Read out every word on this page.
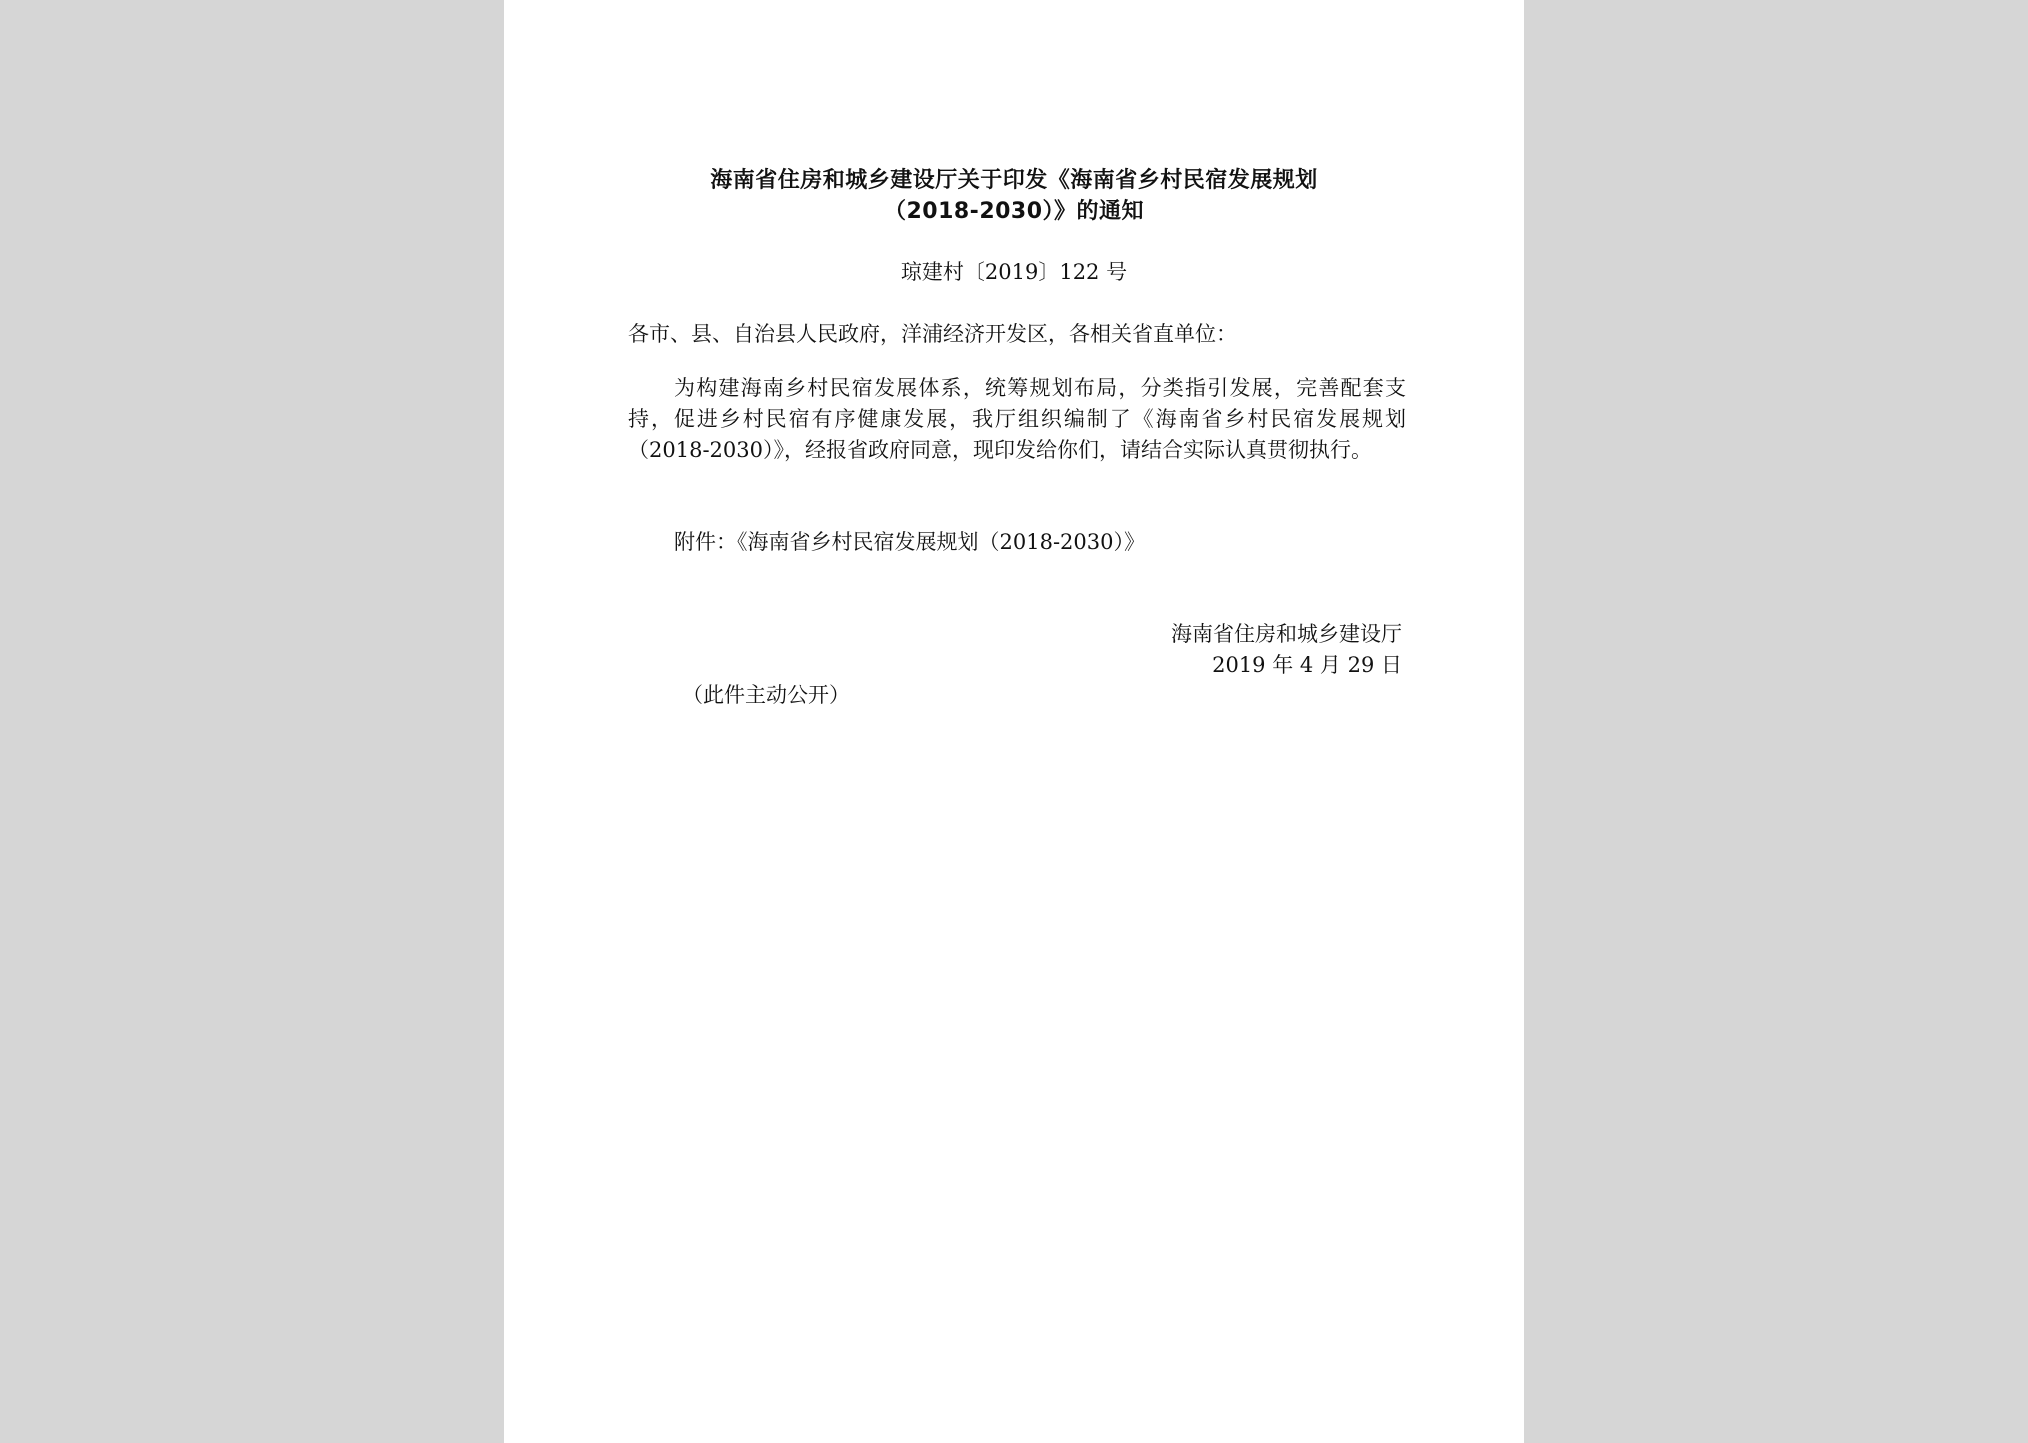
海南省住房和城乡建设厅关于印发《海南省乡村民宿发展规划
（2018-2030）》的通知
琼建村〔2019〕122 号
各市、县、自治县人民政府，洋浦经济开发区，各相关省直单位：
为构建海南乡村民宿发展体系，统筹规划布局，分类指引发展，完善配套支持，促进乡村民宿有序健康发展，我厅组织编制了《海南省乡村民宿发展规划（2018-2030）》，经报省政府同意，现印发给你们，请结合实际认真贯彻执行。
附件：《海南省乡村民宿发展规划（2018-2030）》
海南省住房和城乡建设厅
2019 年 4 月 29 日
（此件主动公开）
